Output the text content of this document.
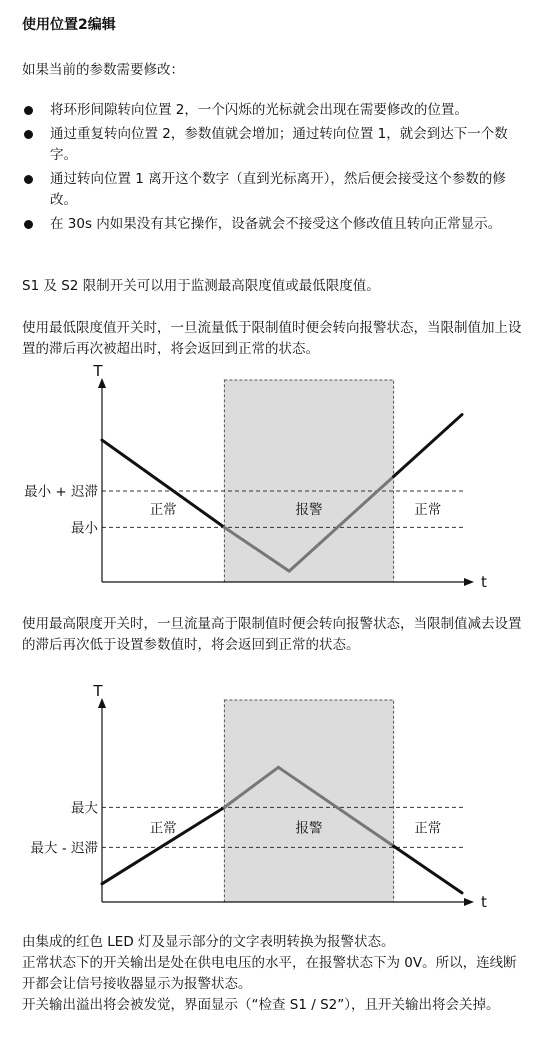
使用位置2编辑
如果当前的参数需要修改：
将环形间隙转向位置 2，一个闪烁的光标就会出现在需要修改的位置。
通过重复转向位置 2，参数值就会增加；通过转向位置 1，就会到达下一个数字。
通过转向位置 1 离开这个数字（直到光标离开），然后便会接受这个参数的修改。
在 30s 内如果没有其它操作，设备就会不接受这个修改值且转向正常显示。
S1 及 S2 限制开关可以用于监测最高限度值或最低限度值。
使用最低限度值开关时，一旦流量低于限制值时便会转向报警状态，当限制值加上设置的滞后再次被超出时，将会返回到正常的状态。
最小 + 迟滞
最小
T
t
正常	报警	正常
使用最高限度开关时，一旦流量高于限制值时便会转向报警状态，当限制值减去设置的滞后再次低于设置参数值时，将会返回到正常的状态。
最大
最大 - 迟滞
T
t
正常	报警	正常
由集成的红色 LED 灯及显示部分的文字表明转换为报警状态。
正常状态下的开关输出是处在供电电压的水平，在报警状态下为 0V。所以，连线断开都会让信号接收器显示为报警状态。
开关输出溢出将会被发觉，界面显示（“检查 S1 / S2”），且开关输出将会关掉。
